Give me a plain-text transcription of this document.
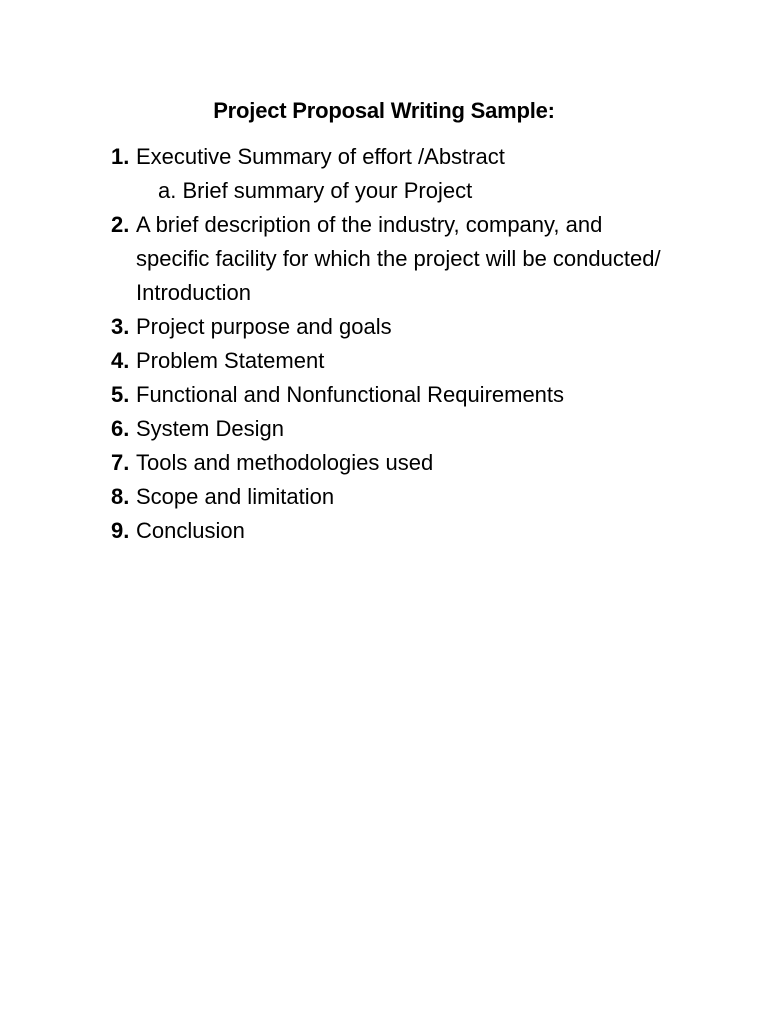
Project Proposal Writing Sample:
1. Executive Summary of effort /Abstract
a. Brief summary of your Project
2. A brief description of the industry, company, and specific facility for which the project will be conducted/ Introduction
3. Project purpose and goals
4. Problem Statement
5. Functional and Nonfunctional Requirements
6. System Design
7. Tools and methodologies used
8. Scope and limitation
9. Conclusion
